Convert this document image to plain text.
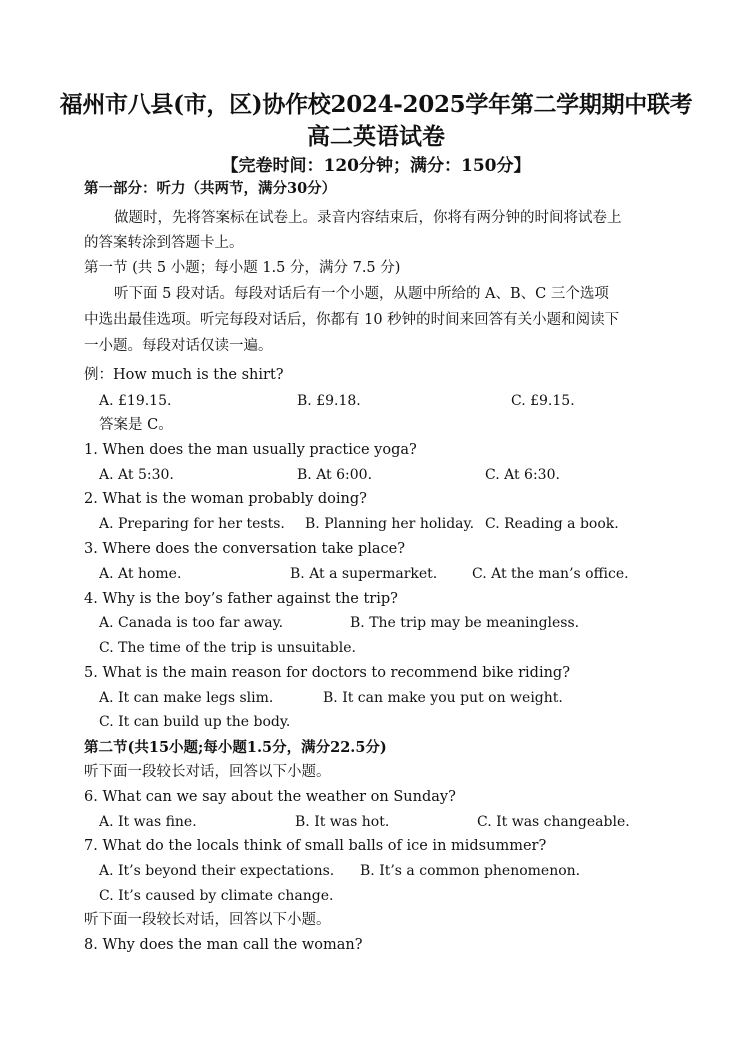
福州市八县(市，区)协作校2024-2025学年第二学期期中联考
高二英语试卷
【完卷时间：120分钟；满分：150分】
第一部分：听力（共两节，满分30分）
做题时，先将答案标在试卷上。录音内容结束后，你将有两分钟的时间将试卷上
的答案转涂到答题卡上。
第一节 (共 5 小题；每小题 1.5 分，满分 7.5 分)
听下面 5 段对话。每段对话后有一个小题，从题中所给的 A、B、C 三个选项
中选出最佳选项。听完每段对话后，你都有 10 秒钟的时间来回答有关小题和阅读下
一小题。每段对话仅读一遍。
例：How much is the shirt?
A. £19.15.	B. £9.18.	C. £9.15.
答案是 C。
1. When does the man usually practice yoga?
A. At 5:30.	B. At 6:00.	C. At 6:30.
2. What is the woman probably doing?
A. Preparing for her tests. B. Planning her holiday. C. Reading a book.
3. Where does the conversation take place?
A. At home.	B. At a supermarket. C. At the man’s office.
4. Why is the boy’s father against the trip?
A. Canada is too far away.	B. The trip may be meaningless.
C. The time of the trip is unsuitable.
5. What is the main reason for doctors to recommend bike riding?
A. It can make legs slim.	B. It can make you put on weight.
C. It can build up the body.
第二节(共15小题;每小题1.5分，满分22.5分)
听下面一段较长对话，回答以下小题。
6. What can we say about the weather on Sunday?
A. It was fine.	B. It was hot.	C. It was changeable.
7. What do the locals think of small balls of ice in midsummer?
A. It’s beyond their expectations. B. It’s a common phenomenon.
C. It’s caused by climate change.
听下面一段较长对话，回答以下小题。
8. Why does the man call the woman?
